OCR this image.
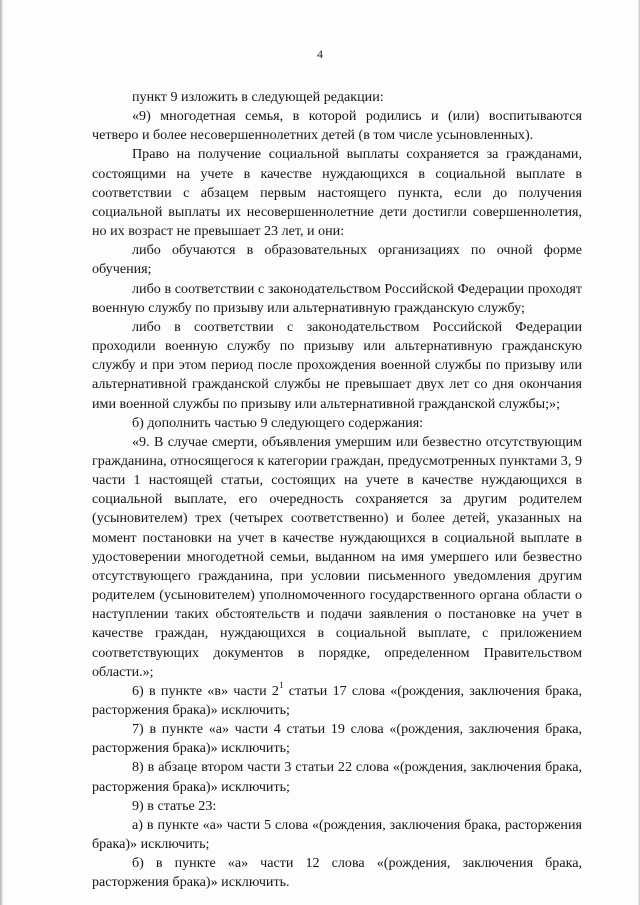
4

пункт 9 изложить в следующей редакции:

«9) многодетная семья, в которой родились и (или) воспитываются четверо и более несовершеннолетних детей (в том числе усыновленных).

Право на получение социальной выплаты сохраняется за гражданами, состоящими на учете в качестве нуждающихся в социальной выплате в соответствии с абзацем первым настоящего пункта, если до получения социальной выплаты их несовершеннолетние дети достигли совершеннолетия, но их возраст не превышает 23 лет, и они:

либо обучаются в образовательных организациях по очной форме обучения;

либо в соответствии с законодательством Российской Федерации проходят военную службу по призыву или альтернативную гражданскую службу;

либо в соответствии с законодательством Российской Федерации проходили военную службу по призыву или альтернативную гражданскую службу и при этом период после прохождения военной службы по призыву или альтернативной гражданской службы не превышает двух лет со дня окончания ими военной службы по призыву или альтернативной гражданской службы;»;

б) дополнить частью 9 следующего содержания:

«9. В случае смерти, объявления умершим или безвестно отсутствующим гражданина, относящегося к категории граждан, предусмотренных пунктами 3, 9 части 1 настоящей статьи, состоящих на учете в качестве нуждающихся в социальной выплате, его очередность сохраняется за другим родителем (усыновителем) трех (четырех соответственно) и более детей, указанных на момент постановки на учет в качестве нуждающихся в социальной выплате в удостоверении многодетной семьи, выданном на имя умершего или безвестно отсутствующего гражданина, при условии письменного уведомления другим родителем (усыновителем) уполномоченного государственного органа области о наступлении таких обстоятельств и подачи заявления о постановке на учет в качестве граждан, нуждающихся в социальной выплате, с приложением соответствующих документов в порядке, определенном Правительством области.»;

6) в пункте «в» части $2^1$ статьи 17 слова «(рождения, заключения брака, расторжения брака)» исключить;

7) в пункте «а» части 4 статьи 19 слова «(рождения, заключения брака, расторжения брака)» исключить;

8) в абзаце втором части 3 статьи 22 слова «(рождения, заключения брака, расторжения брака)» исключить;

9) в статье 23:

а) в пункте «а» части 5 слова «(рождения, заключения брака, расторжения брака)» исключить;

б) в пункте «а» части 12 слова «(рождения, заключения брака, расторжения брака)» исключить.
